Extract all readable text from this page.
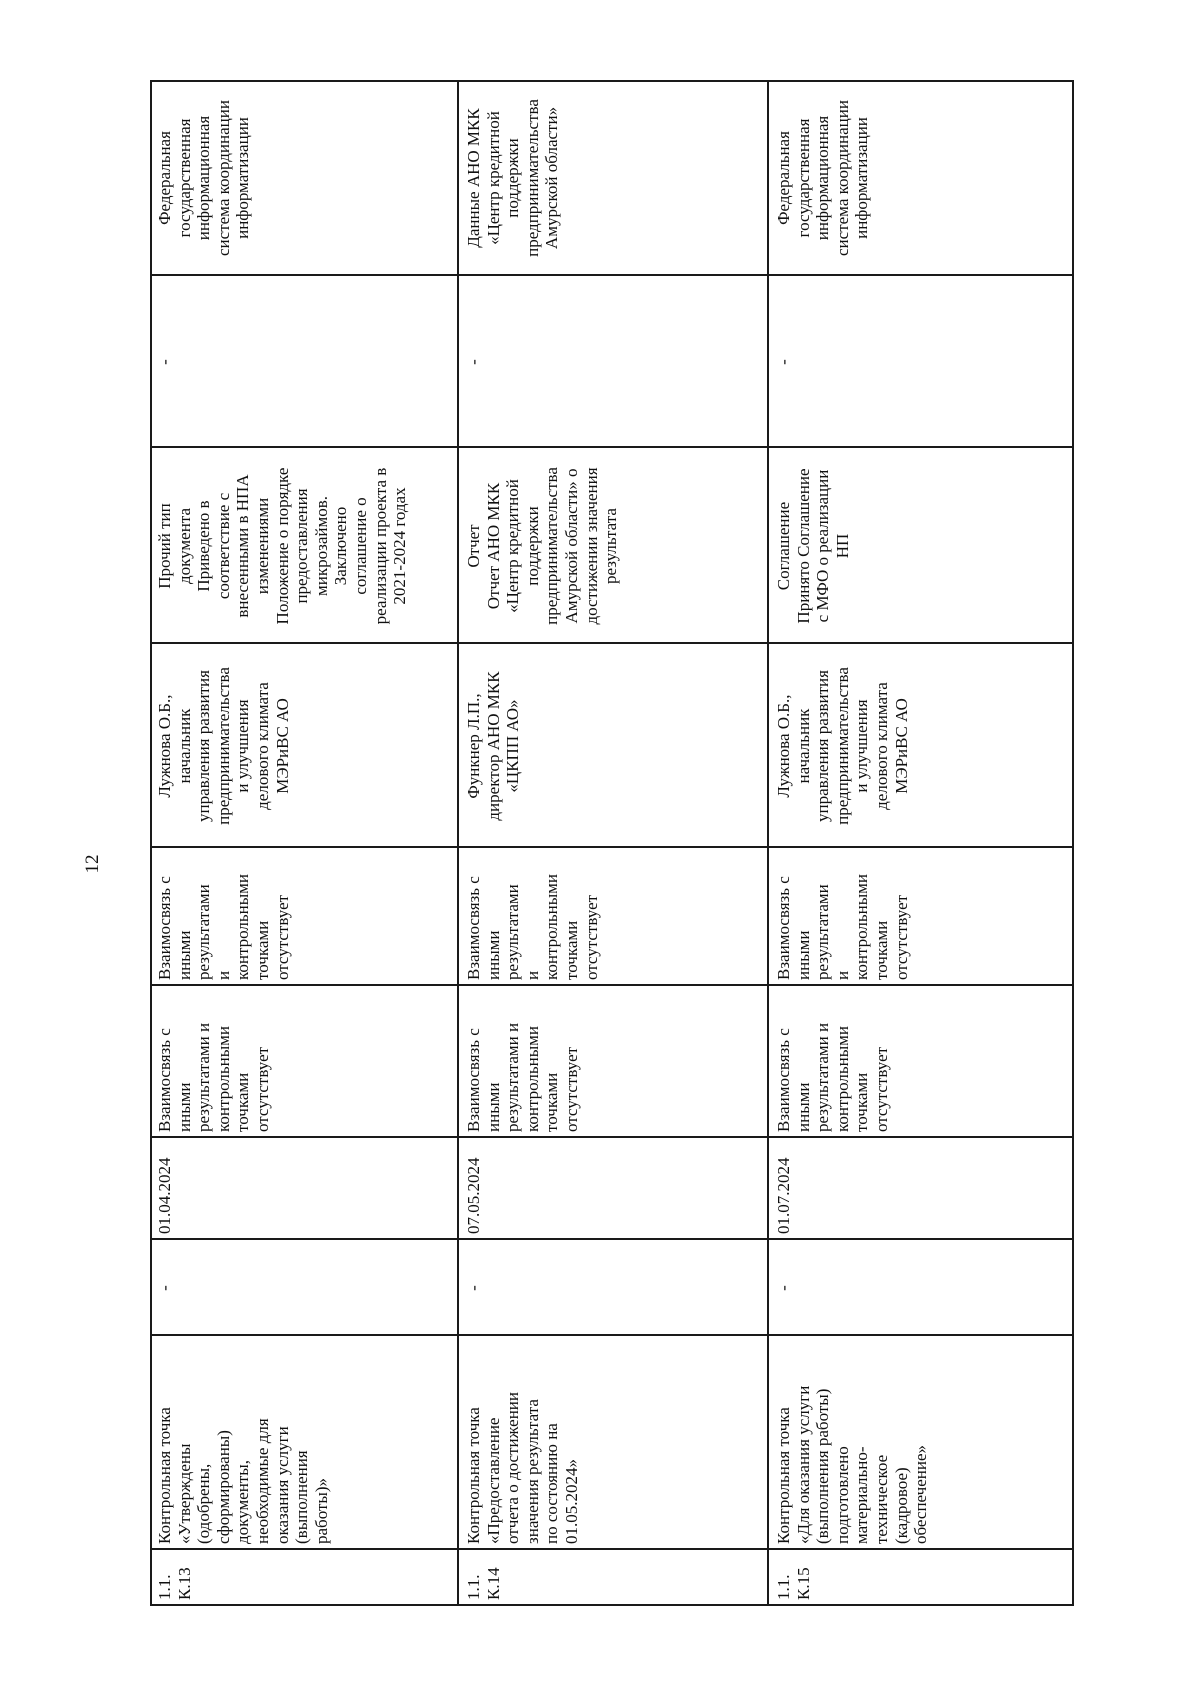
12
1.1.
К.13
Контрольная точка
«Утверждены
(одобрены,
сформированы)
документы,
необходимые для
оказания услуги
(выполнения
работы)»
-
01.04.2024
Взаимосвязь с
иными
результатами и
контрольными
точками
отсутствует
Взаимосвязь с
иными
результатами
и
контрольными
точками
отсутствует
Лужнова О.Б.,
начальник
управления развития
предпринимательства
и улучшения
делового климата
МЭРиВС АО
Прочий тип
документа
Приведено в
соответствие с
внесенными в НПА
изменениями
Положение о порядке
предоставления
микрозаймов.
Заключено
соглашение о
реализации проекта в
2021-2024 годах
-
Федеральная
государственная
информационная
система координации
информатизации
1.1.
К.14
Контрольная точка
«Предоставление
отчета о достижении
значения результата
по состоянию на
01.05.2024»
-
07.05.2024
Взаимосвязь с
иными
результатами и
контрольными
точками
отсутствует
Взаимосвязь с
иными
результатами
и
контрольными
точками
отсутствует
Функнер Л.П.,
директор АНО МКК
«ЦКПП АО»
Отчет
Отчет АНО МКК
«Центр кредитной
поддержки
предпринимательства
Амурской области» о
достижении значения
результата
-
Данные АНО МКК
«Центр кредитной
поддержки
предпринимательства
Амурской области»
1.1.
К.15
Контрольная точка
«Для оказания услуги
(выполнения работы)
подготовлено
материально-
техническое
(кадровое)
обеспечение»
-
01.07.2024
Взаимосвязь с
иными
результатами и
контрольными
точками
отсутствует
Взаимосвязь с
иными
результатами
и
контрольными
точками
отсутствует
Лужнова О.Б.,
начальник
управления развития
предпринимательства
и улучшения
делового климата
МЭРиВС АО
Соглашение
Принято Соглашение
с МФО о реализации
НП
-
Федеральная
государственная
информационная
система координации
информатизации
